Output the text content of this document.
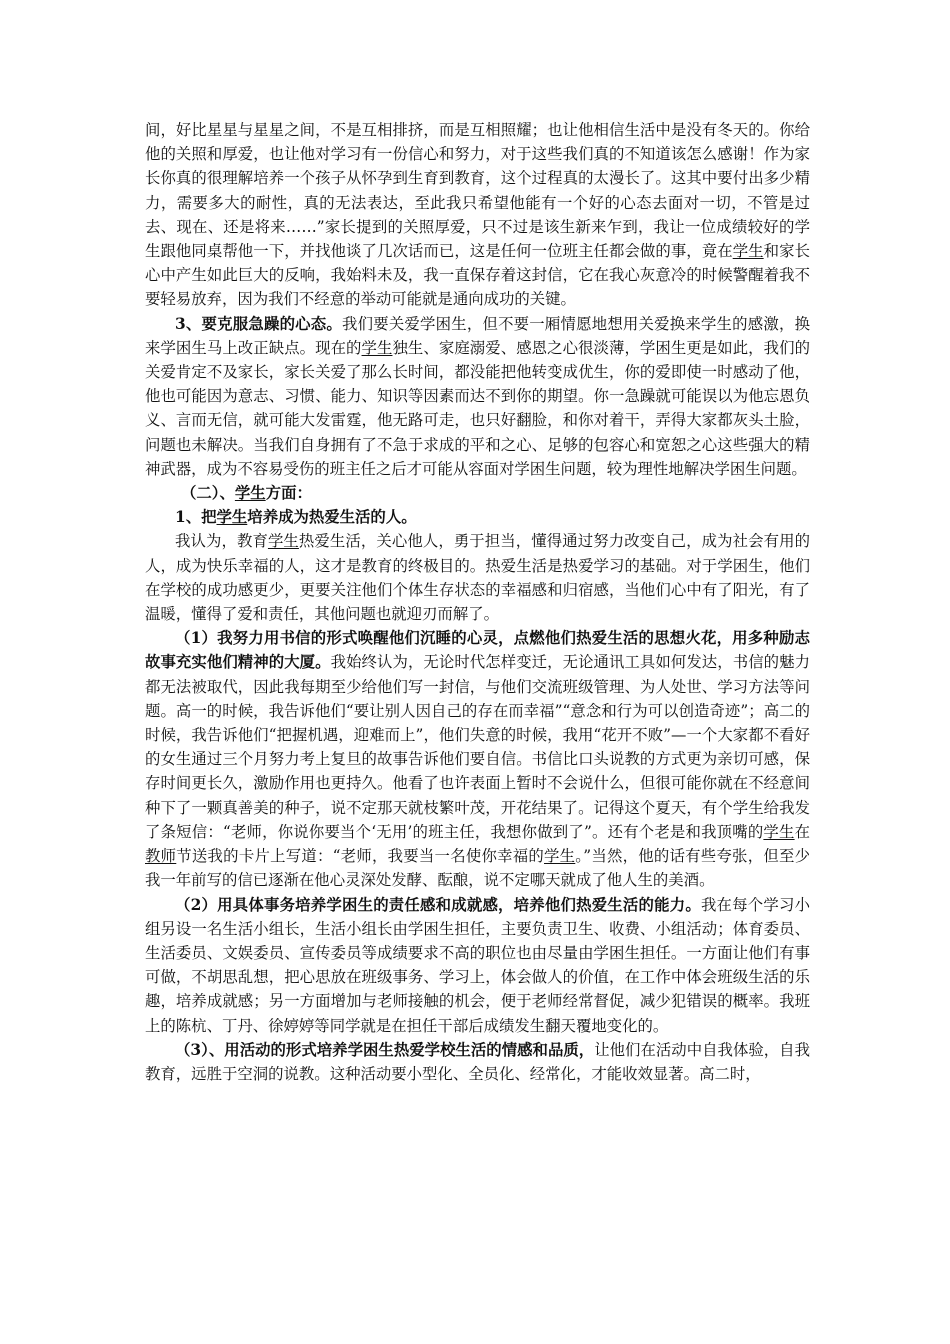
间，好比星星与星星之间，不是互相排挤，而是互相照耀；也让他相信生活中是没有冬天的。你给他的关照和厚爱，也让他对学习有一份信心和努力，对于这些我们真的不知道该怎么感谢！作为家长你真的很理解培养一个孩子从怀孕到生育到教育，这个过程真的太漫长了。这其中要付出多少精力，需要多大的耐性，真的无法表达，至此我只希望他能有一个好的心态去面对一切，不管是过去、现在、还是将来……”家长提到的关照厚爱，只不过是该生新来乍到，我让一位成绩较好的学生跟他同桌帮他一下，并找他谈了几次话而已，这是任何一位班主任都会做的事，竟在学生和家长心中产生如此巨大的反响，我始料未及，我一直保存着这封信，它在我心灰意冷的时候警醒着我不要轻易放弃，因为我们不经意的举动可能就是通向成功的关键。

3、要克服急躁的心态。我们要关爱学困生，但不要一厢情愿地想用关爱换来学生的感激，换来学困生马上改正缺点。现在的学生独生、家庭溺爱、感恩之心很淡薄，学困生更是如此，我们的关爱肯定不及家长，家长关爱了那么长时间，都没能把他转变成优生，你的爱即使一时感动了他，他也可能因为意志、习惯、能力、知识等因素而达不到你的期望。你一急躁就可能误以为他忘恩负义、言而无信，就可能大发雷霆，他无路可走，也只好翻脸，和你对着干，弄得大家都灰头土脸，问题也未解决。当我们自身拥有了不急于求成的平和之心、足够的包容心和宽恕之心这些强大的精神武器，成为不容易受伤的班主任之后才可能从容面对学困生问题，较为理性地解决学困生问题。

（二）、学生方面：

1、把学生培养成为热爱生活的人。

我认为，教育学生热爱生活，关心他人，勇于担当，懂得通过努力改变自己，成为社会有用的人，成为快乐幸福的人，这才是教育的终极目的。热爱生活是热爱学习的基础。对于学困生，他们在学校的成功感更少，更要关注他们个体生存状态的幸福感和归宿感，当他们心中有了阳光，有了温暖，懂得了爱和责任，其他问题也就迎刃而解了。

（1）我努力用书信的形式唤醒他们沉睡的心灵，点燃他们热爱生活的思想火花，用多种励志故事充实他们精神的大厦。我始终认为，无论时代怎样变迁，无论通讯工具如何发达，书信的魅力都无法被取代，因此我每期至少给他们写一封信，与他们交流班级管理、为人处世、学习方法等问题。高一的时候，我告诉他们“要让别人因自己的存在而幸福”“意念和行为可以创造奇迹”；高二的时候，我告诉他们“把握机遇，迎难而上”，他们失意的时候，我用“花开不败”—一个大家都不看好的女生通过三个月努力考上复旦的故事告诉他们要自信。书信比口头说教的方式更为亲切可感，保存时间更长久，激励作用也更持久。他看了也许表面上暂时不会说什么，但很可能你就在不经意间种下了一颗真善美的种子，说不定那天就枝繁叶茂，开花结果了。记得这个夏天，有个学生给我发了条短信：“老师，你说你要当个‘无用’的班主任，我想你做到了”。还有个老是和我顶嘴的学生在教师节送我的卡片上写道：“老师，我要当一名使你幸福的学生。”当然，他的话有些夸张，但至少我一年前写的信已逐渐在他心灵深处发酵、酝酿，说不定哪天就成了他人生的美酒。

（2）用具体事务培养学困生的责任感和成就感，培养他们热爱生活的能力。我在每个学习小组另设一名生活小组长，生活小组长由学困生担任，主要负责卫生、收费、小组活动；体育委员、生活委员、文娱委员、宣传委员等成绩要求不高的职位也由尽量由学困生担任。一方面让他们有事可做，不胡思乱想，把心思放在班级事务、学习上，体会做人的价值，在工作中体会班级生活的乐趣，培养成就感；另一方面增加与老师接触的机会，便于老师经常督促，减少犯错误的概率。我班上的陈杭、丁丹、徐婷婷等同学就是在担任干部后成绩发生翻天覆地变化的。

（3）、用活动的形式培养学困生热爱学校生活的情感和品质，让他们在活动中自我体验，自我教育，远胜于空洞的说教。这种活动要小型化、全员化、经常化，才能收效显著。高二时，
